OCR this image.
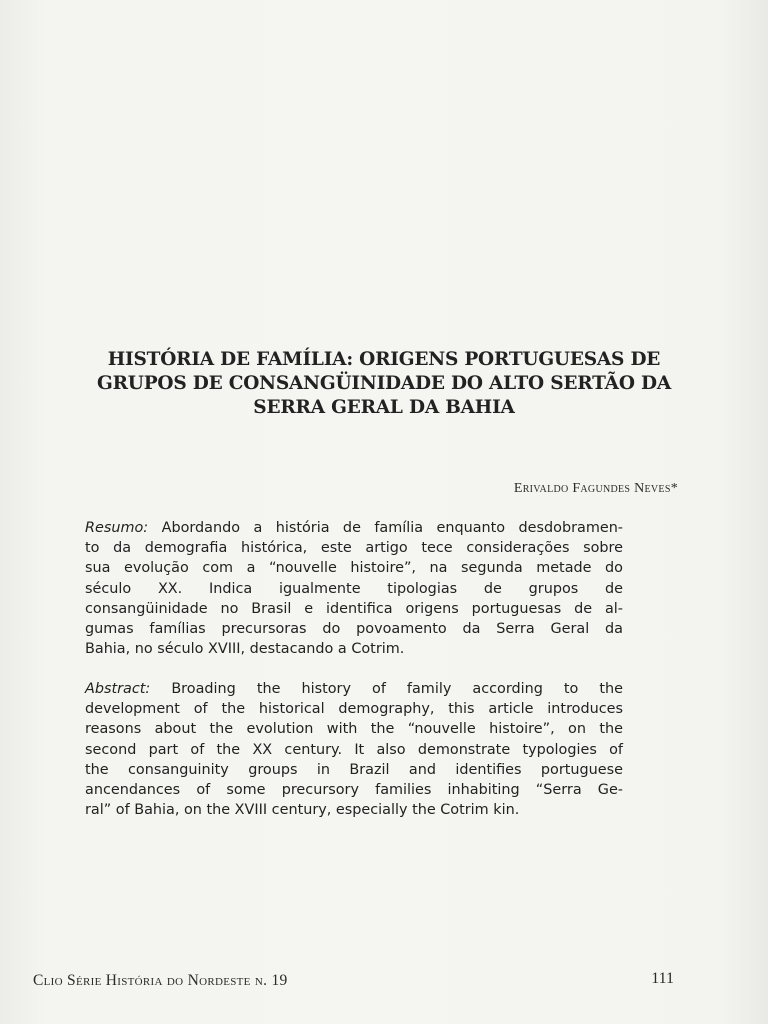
HISTÓRIA DE FAMÍLIA: ORIGENS PORTUGUESAS DE
GRUPOS DE CONSANGÜINIDADE DO ALTO SERTÃO DA
SERRA GERAL DA BAHIA
Erivaldo Fagundes Neves*
Resumo: Abordando a história de família enquanto desdobramen-
to da demografia histórica, este artigo tece considerações sobre
sua evolução com a “nouvelle histoire”, na segunda metade do
século XX. Indica igualmente tipologias de grupos de
consangüinidade no Brasil e identifica origens portuguesas de al-
gumas famílias precursoras do povoamento da Serra Geral da
Bahia, no século XVIII, destacando a Cotrim.
Abstract: Broading the history of family according to the
development of the historical demography, this article introduces
reasons about the evolution with the “nouvelle histoire”, on the
second part of the XX century. It also demonstrate typologies of
the consanguinity groups in Brazil and identifies portuguese
ancendances of some precursory families inhabiting “Serra Ge-
ral” of Bahia, on the XVIII century, especially the Cotrim kin.
Clio Série História do Nordeste n. 19	111
